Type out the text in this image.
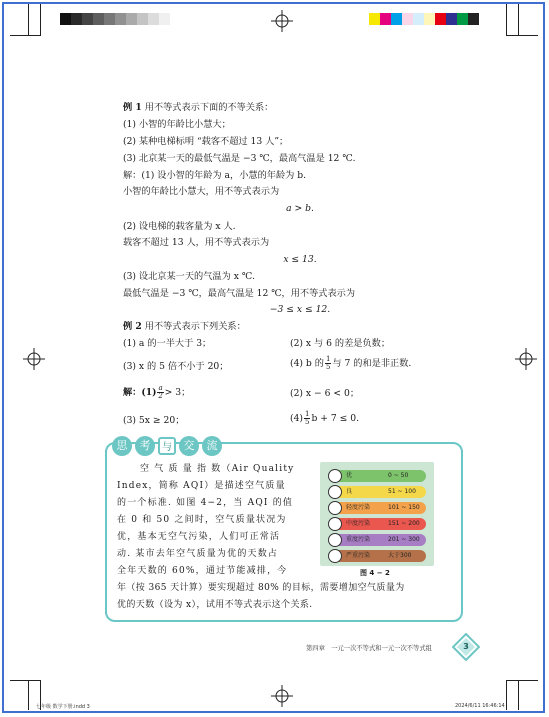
例 1 用不等式表示下面的不等关系：
(1) 小智的年龄比小慧大；
(2) 某种电梯标明 “载客不超过 13 人”；
(3) 北京某一天的最低气温是 −3 ℃，最高气温是 12 ℃.
解：(1) 设小智的年龄为 a，小慧的年龄为 b.
小智的年龄比小慧大，用不等式表示为
a > b.
(2) 设电梯的载客量为 x 人.
载客不超过 13 人，用不等式表示为
x ≤ 13.
(3) 设北京某一天的气温为 x ℃.
最低气温是 −3 ℃，最高气温是 12 ℃，用不等式表示为
−3 ≤ x ≤ 12.
例 2 用不等式表示下列关系：
(1) a 的一半大于 3；	(2) x 与 6 的差是负数；
(3) x 的 5 倍不小于 20；	(4) b 的 $\frac{1}{5}$ 与 7 的和是非正数.
解：$(1) \frac{a}{2} > 3$；	(2) x − 6 < 0；
(3) 5x ≥ 20；	$(4) \frac{1}{5}$ b + 7 ≤ 0.
思	考	与	交	流
空 气 质 量 指 数（Air Quality
Index，简称 AQI）是描述空气质量
的一个标准. 如图 4−2，当 AQI 的值
在 0 和 50 之间时，空气质量状况为
优，基本无空气污染，人们可正常活
动. 某市去年空气质量为优的天数占
全年天数的 60%，通过节能减排，今
年（按 365 天计算）要实现超过 80% 的目标，需要增加空气质量为
优的天数（设为 x），试用不等式表示这个关系.
优	0 ~ 50
良	51 ~ 100
轻度污染	101 ~ 150
中度污染	151 ~ 200
重度污染	201 ~ 300
严重污染	大于300
图 4 − 2
第四章　一元一次不等式和一元一次不等式组	3
七年级 数学下册.indd 3	2024/6/11 16:46:14
